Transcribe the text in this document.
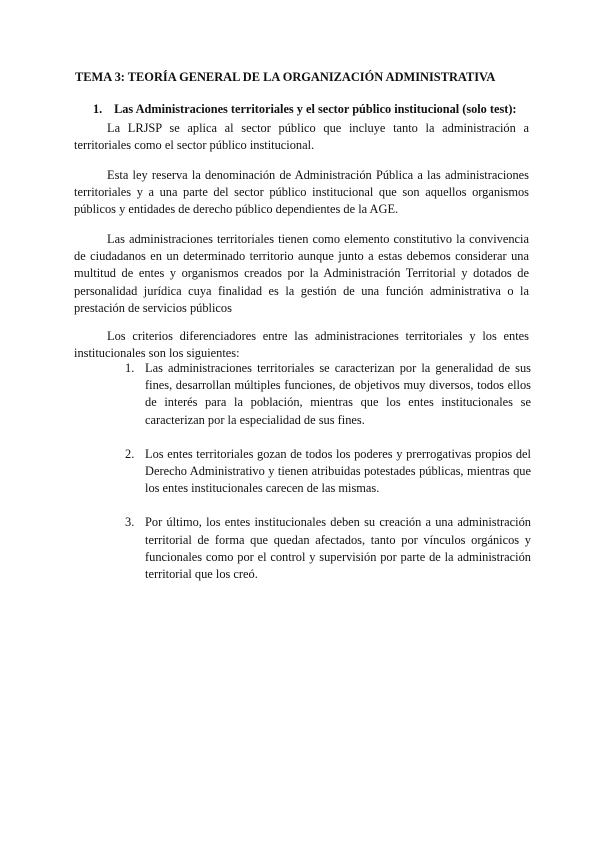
TEMA 3: TEORÍA GENERAL DE LA ORGANIZACIÓN ADMINISTRATIVA
1. Las Administraciones territoriales y el sector público institucional (solo test):

La LRJSP se aplica al sector público que incluye tanto la administración a territoriales como el sector público institucional.

Esta ley reserva la denominación de Administración Pública a las administraciones territoriales y a una parte del sector público institucional que son aquellos organismos públicos y entidades de derecho público dependientes de la AGE.

Las administraciones territoriales tienen como elemento constitutivo la convivencia de ciudadanos en un determinado territorio aunque junto a estas debemos considerar una multitud de entes y organismos creados por la Administración Territorial y dotados de personalidad jurídica cuya finalidad es la gestión de una función administrativa o la prestación de servicios públicos

Los criterios diferenciadores entre las administraciones territoriales y los entes institucionales son los siguientes:

1. Las administraciones territoriales se caracterizan por la generalidad de sus fines, desarrollan múltiples funciones, de objetivos muy diversos, todos ellos de interés para la población, mientras que los entes institucionales se caracterizan por la especialidad de sus fines.
2. Los entes territoriales gozan de todos los poderes y prerrogativas propios del Derecho Administrativo y tienen atribuidas potestades públicas, mientras que los entes institucionales carecen de las mismas.
3. Por último, los entes institucionales deben su creación a una administración territorial de forma que quedan afectados, tanto por vínculos orgánicos y funcionales como por el control y supervisión por parte de la administración territorial que los creó.
